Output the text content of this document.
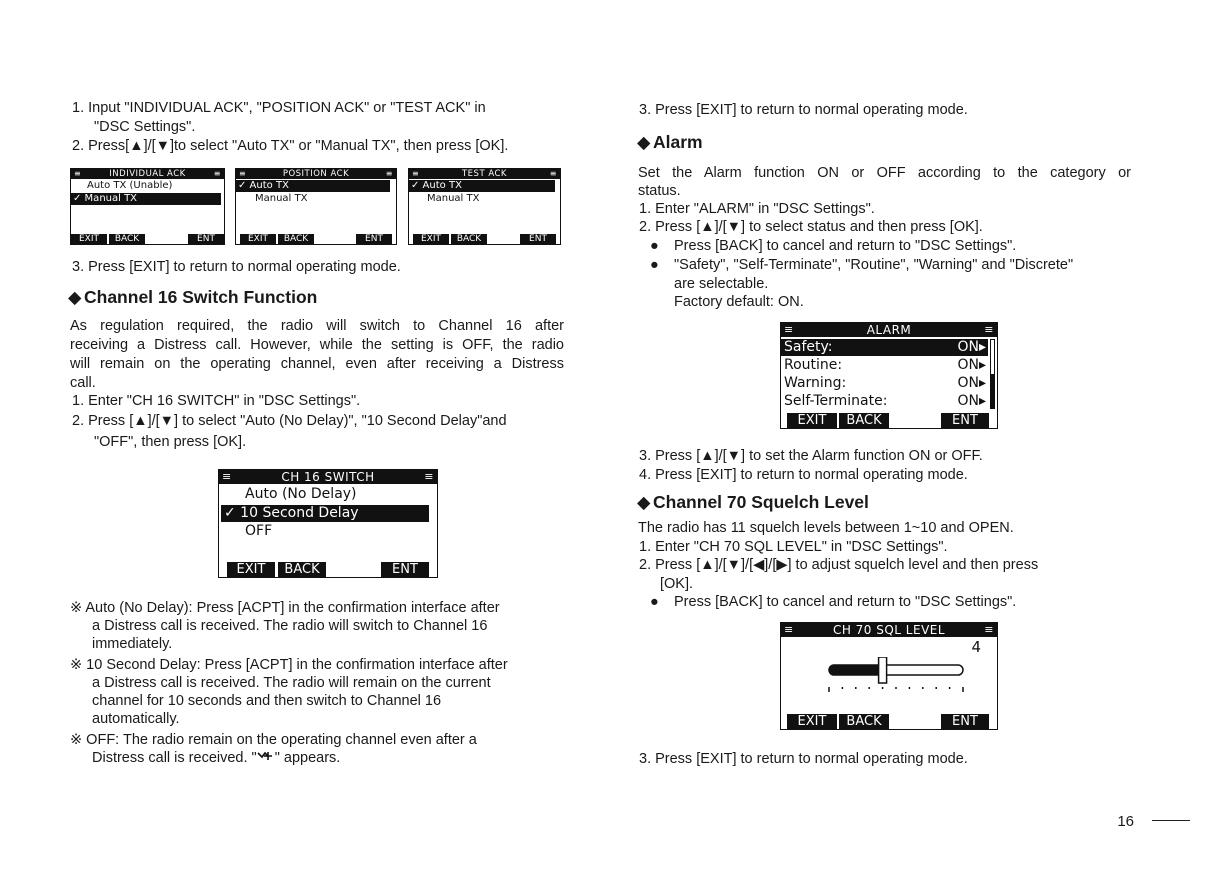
1. Input "INDIVIDUAL ACK", "POSITION ACK" or "TEST ACK" in
"DSC Settings".
2. Press[▲]/[▼]to select "Auto TX" or "Manual TX", then press [OK].
≡	INDIVIDUAL ACK	≡
Auto TX (Unable)
✓ Manual TX
EXIT	BACK	ENT
≡	POSITION ACK	≡
✓ Auto TX
Manual TX
EXIT	BACK	ENT
≡	TEST ACK	≡
✓ Auto TX
Manual TX
EXIT	BACK	ENT
3. Press [EXIT] to return to normal operating mode.
◆ Channel 16 Switch Function
As regulation required, the radio will switch to Channel 16 after
receiving a Distress call. However, while the setting is OFF, the radio
will remain on the operating channel, even after receiving a Distress
call.
1. Enter "CH 16 SWITCH" in "DSC Settings".
2. Press [▲]/[▼] to select "Auto (No Delay)", "10 Second Delay"and
"OFF", then press [OK].
≡	CH 16 SWITCH	≡
Auto (No Delay)
✓ 10 Second Delay
OFF
EXIT	BACK	ENT
※ Auto (No Delay): Press [ACPT] in the confirmation interface after
a Distress call is received. The radio will switch to Channel 16
immediately.
※ 10 Second Delay: Press [ACPT] in the confirmation interface after
a Distress call is received. The radio will remain on the current
channel for 10 seconds and then switch to Channel 16
automatically.
※ OFF: The radio remain on the operating channel even after a
Distress call is received. " " appears.
3. Press [EXIT] to return to normal operating mode.
◆ Alarm
Set the Alarm function ON or OFF according to the category or
status.
1. Enter "ALARM" in "DSC Settings".
2. Press [▲]/[▼] to select status and then press [OK].
● Press [BACK] to cancel and return to "DSC Settings".
● "Safety", "Self-Terminate", "Routine", "Warning" and "Discrete"
are selectable.
Factory default: ON.
≡	ALARM	≡
Safety:	ON▸
Routine:	ON▸
Warning:	ON▸
Self-Terminate:	ON▸
EXIT	BACK	ENT
3. Press [▲]/[▼] to set the Alarm function ON or OFF.
4. Press [EXIT] to return to normal operating mode.
◆ Channel 70 Squelch Level
The radio has 11 squelch levels between 1~10 and OPEN.
1. Enter "CH 70 SQL LEVEL" in "DSC Settings".
2. Press [▲]/[▼]/[◀]/[▶] to adjust squelch level and then press
[OK].
● Press [BACK] to cancel and return to "DSC Settings".
≡	CH 70 SQL LEVEL	≡
4
EXIT	BACK	ENT
3. Press [EXIT] to return to normal operating mode.
16
